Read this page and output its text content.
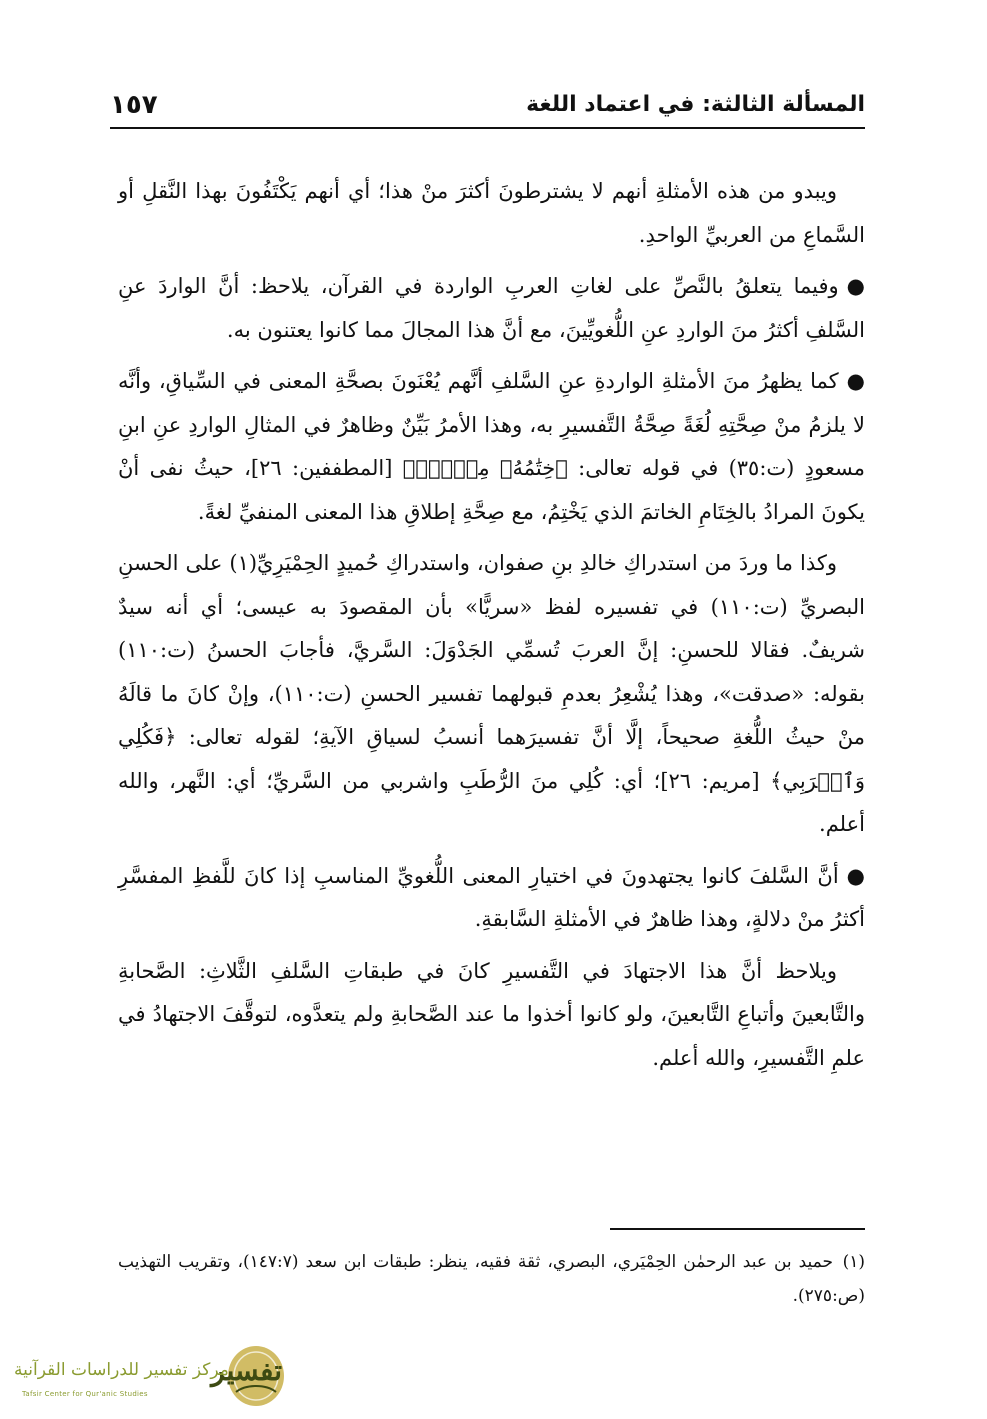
المسألة الثالثة: في اعتماد اللغة
١٥٧

ويبدو من هذه الأمثلةِ أنهم لا يشترطونَ أكثرَ منْ هذا؛ أي أنهم يَكْتَفُونَ بهذا النَّقلِ أو السَّماعِ من العربيِّ الواحدِ.

●وفيما يتعلقُ بالنَّصِّ على لغاتِ العربِ الواردة في القرآن، يلاحظ: أنَّ الواردَ عنِ السَّلفِ أكثرُ منَ الواردِ عنِ اللُّغويِّينَ، مع أنَّ هذا المجالَ مما كانوا يعتنون به.

●كما يظهرُ منَ الأمثلةِ الواردةِ عنِ السَّلفِ أنَّهم يُعْنَونَ بصحَّةِ المعنى في السِّياقِ، وأنَّه لا يلزمُ منْ صِحَّتِهِ لُغَةً صِحَّةُ التَّفسيرِ به، وهذا الأمرُ بَيِّنٌ وظاهرٌ في المثالِ الواردِ عنِ ابنِ مسعودٍ (ت:٣٥) في قوله تعالى: ﴿خِتَٰمُهُۥ مِسۡكٞۚ﴾ [المطففين: ٢٦]، حيثُ نفى أنْ يكونَ المرادُ بالخِتَامِ الخاتمَ الذي يَخْتِمُ، مع صِحَّةِ إطلاقِ هذا المعنى المنفيِّ لغةً.

وكذا ما وردَ من استدراكِ خالدِ بنِ صفوان، واستدراكِ حُميدٍ الحِمْيَرِيِّ(١) على الحسنِ البصريِّ (ت:١١٠) في تفسيره لفظ «سريًّا» بأن المقصودَ به عيسى؛ أي أنه سيدٌ شريفٌ. فقالا للحسنِ: إنَّ العربَ تُسمِّي الجَدْوَلَ: السَّريَّ، فأجابَ الحسنُ (ت:١١٠) بقوله: «صدقت»، وهذا يُشْعِرُ بعدمِ قبولهما تفسير الحسنِ (ت:١١٠)، وإنْ كانَ ما قالَهُ منْ حيثُ اللُّغةِ صحيحاً، إلَّا أنَّ تفسيرَهما أنسبُ لسياقِ الآيةِ؛ لقوله تعالى: ﴿فَكُلِي وَٱشۡرَبِي﴾ [مريم: ٢٦]؛ أي: كُلِي منَ الرُّطَبِ واشربي من السَّريِّ؛ أي: النَّهر، والله أعلم.

●أنَّ السَّلفَ كانوا يجتهدونَ في اختيارِ المعنى اللُّغويِّ المناسبِ إذا كانَ للَّفظِ المفسَّرِ أكثرُ منْ دلالةٍ، وهذا ظاهرٌ في الأمثلةِ السَّابقةِ.

ويلاحظ أنَّ هذا الاجتهادَ في التَّفسيرِ كانَ في طبقاتِ السَّلفِ الثَّلاثِ: الصَّحابةِ والتَّابعينَ وأتباعِ التَّابعينَ، ولو كانوا أخذوا ما عند الصَّحابةِ ولم يتعدَّوه، لتوقَّفَ الاجتهادُ في علمِ التَّفسيرِ، والله أعلم.

(١)حميد بن عبد الرحمٰن الحِمْيَري، البصري، ثقة فقيه، ينظر: طبقات ابن سعد (١٤٧:٧)، وتقريب التهذيب (ص:٢٧٥).

تفسير
مركز تفسير للدراسات القرآنية
Tafsir Center for Qur'anic Studies
